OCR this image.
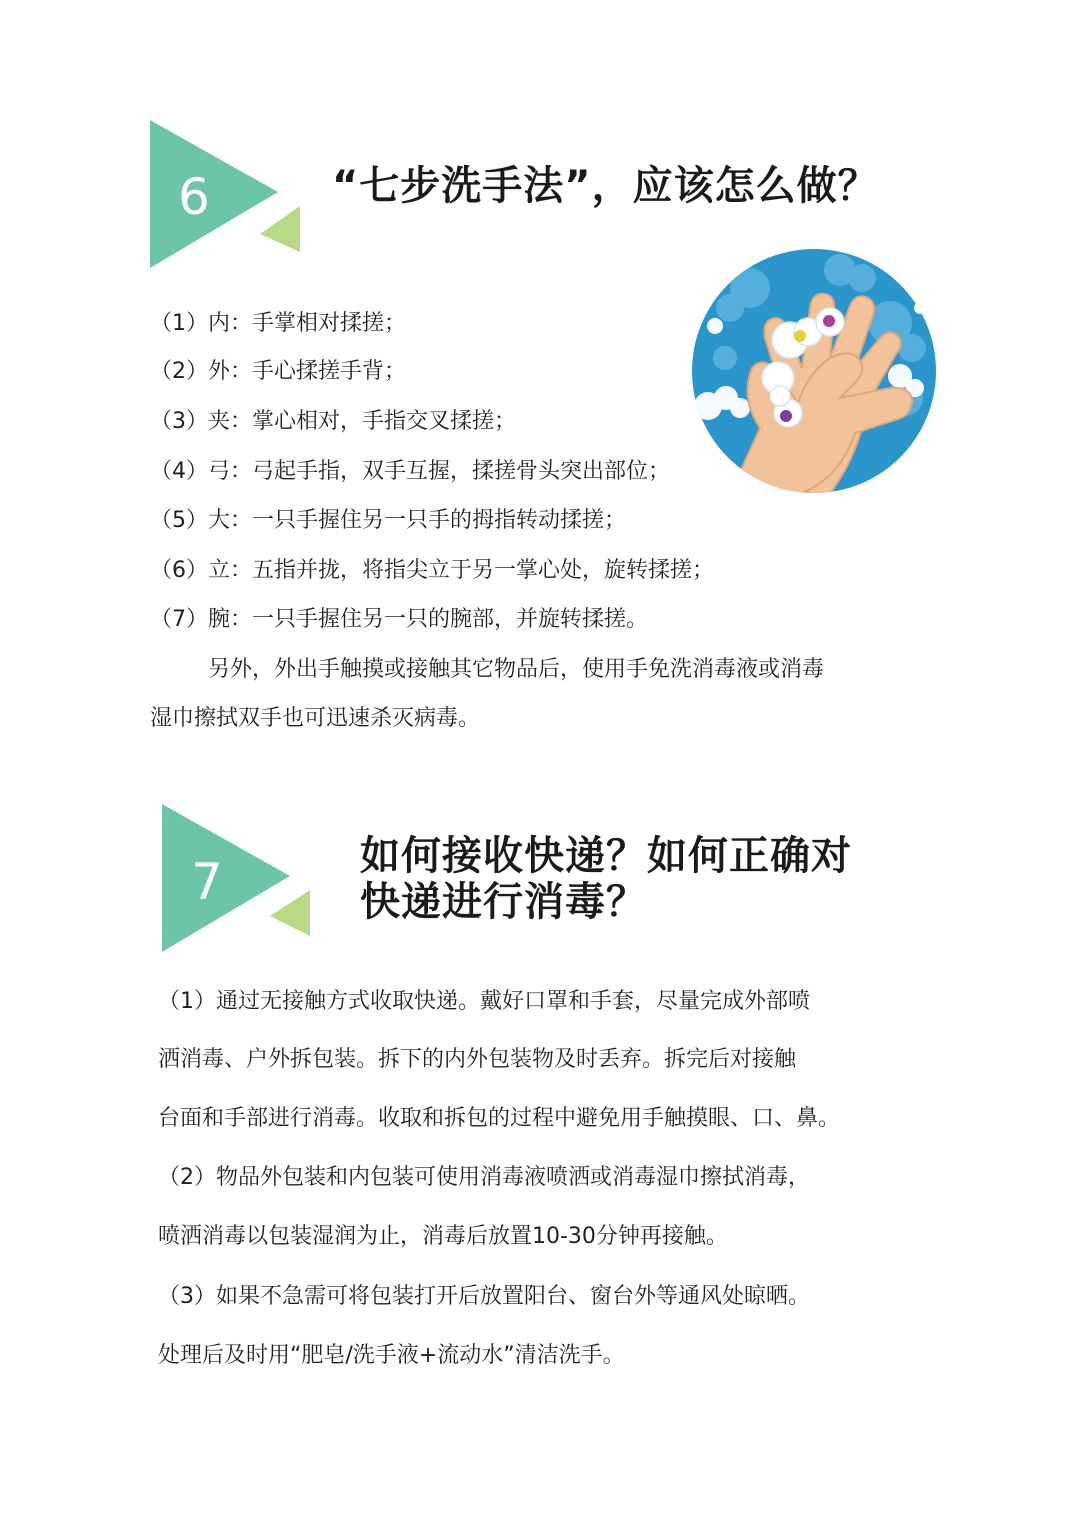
6	“七步洗手法”，应该怎么做？
（1）内：手掌相对揉搓；
（2）外：手心揉搓手背；
（3）夹：掌心相对，手指交叉揉搓；
（4）弓：弓起手指，双手互握，揉搓骨头突出部位；
（5）大：一只手握住另一只手的拇指转动揉搓；
（6）立：五指并拢，将指尖立于另一掌心处，旋转揉搓；
（7）腕：一只手握住另一只的腕部，并旋转揉搓。
另外，外出手触摸或接触其它物品后，使用手免洗消毒液或消毒
湿巾擦拭双手也可迅速杀灭病毒。
7	如何接收快递？如何正确对
快递进行消毒？
（1）通过无接触方式收取快递。戴好口罩和手套，尽量完成外部喷
洒消毒、户外拆包装。拆下的内外包装物及时丢弃。拆完后对接触
台面和手部进行消毒。收取和拆包的过程中避免用手触摸眼、口、鼻。
（2）物品外包装和内包装可使用消毒液喷洒或消毒湿巾擦拭消毒，
喷洒消毒以包装湿润为止，消毒后放置10-30分钟再接触。
（3）如果不急需可将包装打开后放置阳台、窗台外等通风处晾晒。
处理后及时用“肥皂/洗手液+流动水”清洁洗手。
